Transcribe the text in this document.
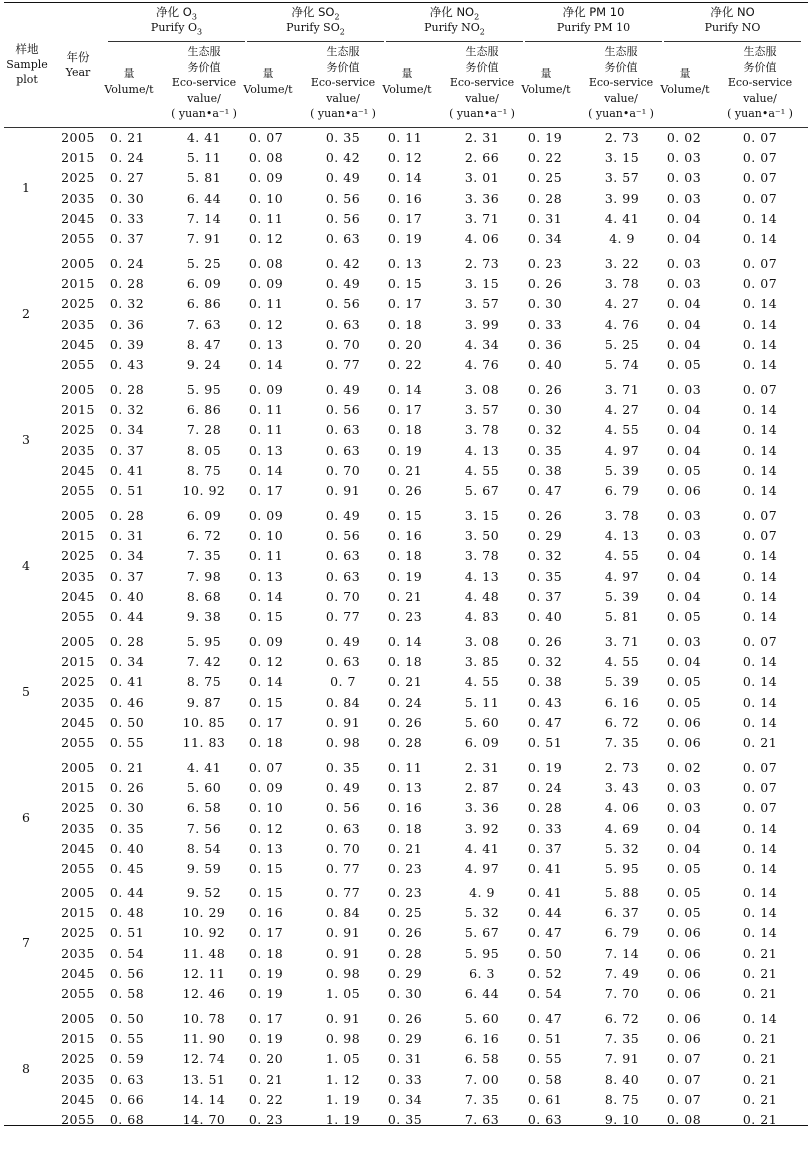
样地
Sample
plot
年份
Year
净化 $O_3$
Purify $O_3$
净化 $SO_2$
Purify $SO_2$
净化 $NO_2$
Purify $NO_2$
净化 PM 10
Purify PM 10
净化 NO
Purify NO
量
Volume/t
生态服
务价值
Eco-service
value/
( yuan•a⁻¹ )
量
Volume/t
生态服
务价值
Eco-service
value/
( yuan•a⁻¹ )
量
Volume/t
生态服
务价值
Eco-service
value/
( yuan•a⁻¹ )
量
Volume/t
生态服
务价值
Eco-service
value/
( yuan•a⁻¹ )
量
Volume/t
生态服
务价值
Eco-service
value/
( yuan•a⁻¹ )
1
2005	0. 21	4. 41	0. 07	0. 35	0. 11	2. 31	0. 19	2. 73	0. 02	0. 07
2015	0. 24	5. 11	0. 08	0. 42	0. 12	2. 66	0. 22	3. 15	0. 03	0. 07
2025	0. 27	5. 81	0. 09	0. 49	0. 14	3. 01	0. 25	3. 57	0. 03	0. 07
2035	0. 30	6. 44	0. 10	0. 56	0. 16	3. 36	0. 28	3. 99	0. 03	0. 07
2045	0. 33	7. 14	0. 11	0. 56	0. 17	3. 71	0. 31	4. 41	0. 04	0. 14
2055	0. 37	7. 91	0. 12	0. 63	0. 19	4. 06	0. 34	4. 9	0. 04	0. 14
2
2005	0. 24	5. 25	0. 08	0. 42	0. 13	2. 73	0. 23	3. 22	0. 03	0. 07
2015	0. 28	6. 09	0. 09	0. 49	0. 15	3. 15	0. 26	3. 78	0. 03	0. 07
2025	0. 32	6. 86	0. 11	0. 56	0. 17	3. 57	0. 30	4. 27	0. 04	0. 14
2035	0. 36	7. 63	0. 12	0. 63	0. 18	3. 99	0. 33	4. 76	0. 04	0. 14
2045	0. 39	8. 47	0. 13	0. 70	0. 20	4. 34	0. 36	5. 25	0. 04	0. 14
2055	0. 43	9. 24	0. 14	0. 77	0. 22	4. 76	0. 40	5. 74	0. 05	0. 14
3
2005	0. 28	5. 95	0. 09	0. 49	0. 14	3. 08	0. 26	3. 71	0. 03	0. 07
2015	0. 32	6. 86	0. 11	0. 56	0. 17	3. 57	0. 30	4. 27	0. 04	0. 14
2025	0. 34	7. 28	0. 11	0. 63	0. 18	3. 78	0. 32	4. 55	0. 04	0. 14
2035	0. 37	8. 05	0. 13	0. 63	0. 19	4. 13	0. 35	4. 97	0. 04	0. 14
2045	0. 41	8. 75	0. 14	0. 70	0. 21	4. 55	0. 38	5. 39	0. 05	0. 14
2055	0. 51	10. 92	0. 17	0. 91	0. 26	5. 67	0. 47	6. 79	0. 06	0. 14
4
2005	0. 28	6. 09	0. 09	0. 49	0. 15	3. 15	0. 26	3. 78	0. 03	0. 07
2015	0. 31	6. 72	0. 10	0. 56	0. 16	3. 50	0. 29	4. 13	0. 03	0. 07
2025	0. 34	7. 35	0. 11	0. 63	0. 18	3. 78	0. 32	4. 55	0. 04	0. 14
2035	0. 37	7. 98	0. 13	0. 63	0. 19	4. 13	0. 35	4. 97	0. 04	0. 14
2045	0. 40	8. 68	0. 14	0. 70	0. 21	4. 48	0. 37	5. 39	0. 04	0. 14
2055	0. 44	9. 38	0. 15	0. 77	0. 23	4. 83	0. 40	5. 81	0. 05	0. 14
5
2005	0. 28	5. 95	0. 09	0. 49	0. 14	3. 08	0. 26	3. 71	0. 03	0. 07
2015	0. 34	7. 42	0. 12	0. 63	0. 18	3. 85	0. 32	4. 55	0. 04	0. 14
2025	0. 41	8. 75	0. 14	0. 7	0. 21	4. 55	0. 38	5. 39	0. 05	0. 14
2035	0. 46	9. 87	0. 15	0. 84	0. 24	5. 11	0. 43	6. 16	0. 05	0. 14
2045	0. 50	10. 85	0. 17	0. 91	0. 26	5. 60	0. 47	6. 72	0. 06	0. 14
2055	0. 55	11. 83	0. 18	0. 98	0. 28	6. 09	0. 51	7. 35	0. 06	0. 21
6
2005	0. 21	4. 41	0. 07	0. 35	0. 11	2. 31	0. 19	2. 73	0. 02	0. 07
2015	0. 26	5. 60	0. 09	0. 49	0. 13	2. 87	0. 24	3. 43	0. 03	0. 07
2025	0. 30	6. 58	0. 10	0. 56	0. 16	3. 36	0. 28	4. 06	0. 03	0. 07
2035	0. 35	7. 56	0. 12	0. 63	0. 18	3. 92	0. 33	4. 69	0. 04	0. 14
2045	0. 40	8. 54	0. 13	0. 70	0. 21	4. 41	0. 37	5. 32	0. 04	0. 14
2055	0. 45	9. 59	0. 15	0. 77	0. 23	4. 97	0. 41	5. 95	0. 05	0. 14
7
2005	0. 44	9. 52	0. 15	0. 77	0. 23	4. 9	0. 41	5. 88	0. 05	0. 14
2015	0. 48	10. 29	0. 16	0. 84	0. 25	5. 32	0. 44	6. 37	0. 05	0. 14
2025	0. 51	10. 92	0. 17	0. 91	0. 26	5. 67	0. 47	6. 79	0. 06	0. 14
2035	0. 54	11. 48	0. 18	0. 91	0. 28	5. 95	0. 50	7. 14	0. 06	0. 21
2045	0. 56	12. 11	0. 19	0. 98	0. 29	6. 3	0. 52	7. 49	0. 06	0. 21
2055	0. 58	12. 46	0. 19	1. 05	0. 30	6. 44	0. 54	7. 70	0. 06	0. 21
8
2005	0. 50	10. 78	0. 17	0. 91	0. 26	5. 60	0. 47	6. 72	0. 06	0. 14
2015	0. 55	11. 90	0. 19	0. 98	0. 29	6. 16	0. 51	7. 35	0. 06	0. 21
2025	0. 59	12. 74	0. 20	1. 05	0. 31	6. 58	0. 55	7. 91	0. 07	0. 21
2035	0. 63	13. 51	0. 21	1. 12	0. 33	7. 00	0. 58	8. 40	0. 07	0. 21
2045	0. 66	14. 14	0. 22	1. 19	0. 34	7. 35	0. 61	8. 75	0. 07	0. 21
2055	0. 68	14. 70	0. 23	1. 19	0. 35	7. 63	0. 63	9. 10	0. 08	0. 21
